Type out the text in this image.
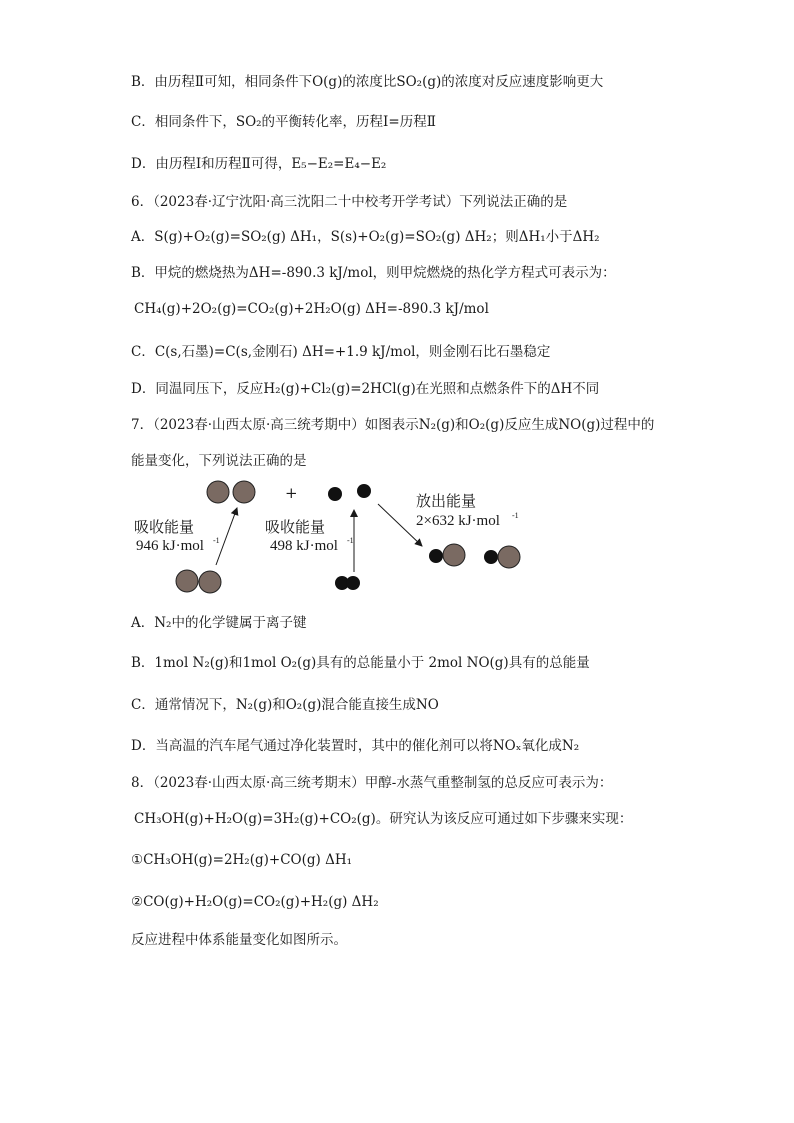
B．由历程Ⅱ可知，相同条件下O(g)的浓度比SO₂(g)的浓度对反应速度影响更大
C．相同条件下，SO₂的平衡转化率，历程Ⅰ=历程Ⅱ
D．由历程Ⅰ和历程Ⅱ可得，E₅−E₂=E₄−E₂
6．（2023春·辽宁沈阳·高三沈阳二十中校考开学考试）下列说法正确的是
A．S(g)+O₂(g)=SO₂(g) ΔH₁，S(s)+O₂(g)=SO₂(g) ΔH₂；则ΔH₁小于ΔH₂
B．甲烷的燃烧热为ΔH=-890.3 kJ/mol，则甲烷燃烧的热化学方程式可表示为：
CH₄(g)+2O₂(g)=CO₂(g)+2H₂O(g) ΔH=-890.3 kJ/mol
C．C(s,石墨)=C(s,金刚石) ΔH=+1.9 kJ/mol，则金刚石比石墨稳定
D．同温同压下，反应H₂(g)+Cl₂(g)=2HCl(g)在光照和点燃条件下的ΔH不同
7．（2023春·山西太原·高三统考期中）如图表示N₂(g)和O₂(g)反应生成NO(g)过程中的
能量变化，下列说法正确的是
+
吸收能量
946 kJ·mol -1
吸收能量
498 kJ·mol -1
放出能量
2×632 kJ·mol -1
A．N₂中的化学键属于离子键
B．1mol N₂(g)和1mol O₂(g)具有的总能量小于 2mol NO(g)具有的总能量
C．通常情况下，N₂(g)和O₂(g)混合能直接生成NO
D．当高温的汽车尾气通过净化装置时，其中的催化剂可以将NOₓ氧化成N₂
8．（2023春·山西太原·高三统考期末）甲醇-水蒸气重整制氢的总反应可表示为：
CH₃OH(g)+H₂O(g)=3H₂(g)+CO₂(g)。研究认为该反应可通过如下步骤来实现：
①CH₃OH(g)=2H₂(g)+CO(g) ΔH₁
②CO(g)+H₂O(g)=CO₂(g)+H₂(g) ΔH₂
反应进程中体系能量变化如图所示。
